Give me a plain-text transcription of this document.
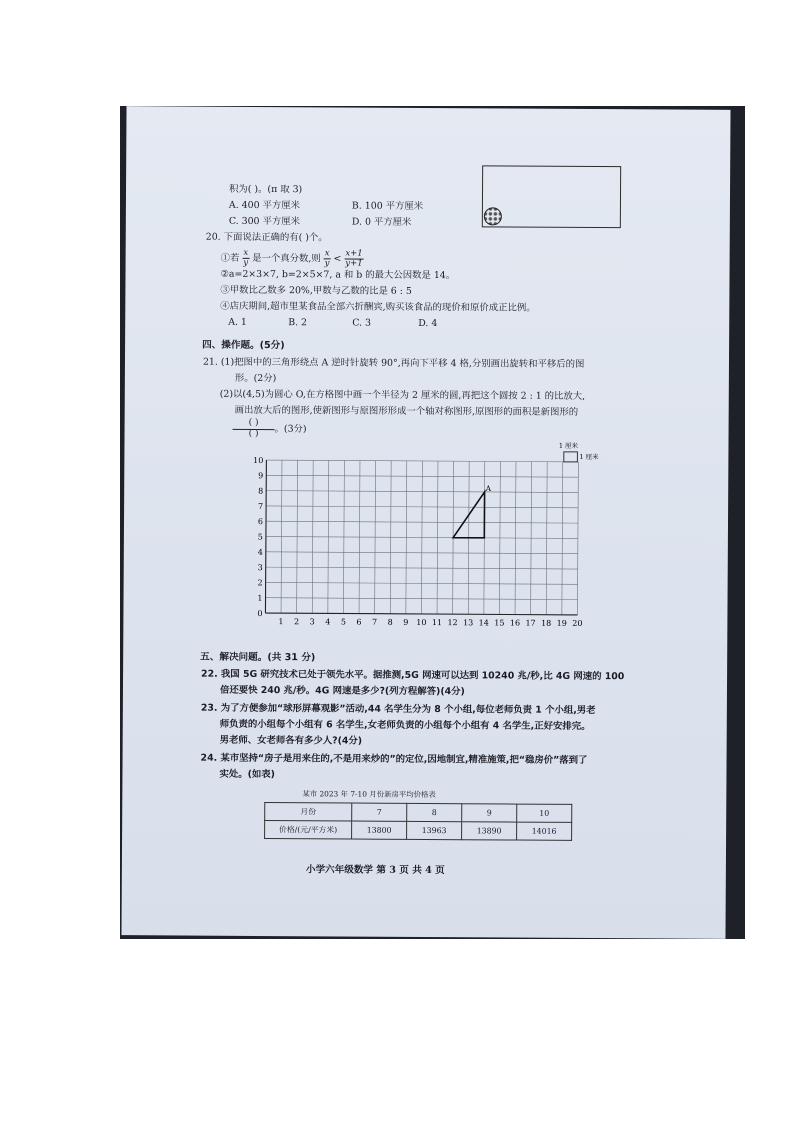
积为( )。(π 取 3)
A. 400 平方厘米	B. 100 平方厘米
C. 300 平方厘米	D. 0 平方厘米
20. 下面说法正确的有( )个。
①若 $\frac{x}{y}$ 是一个真分数,则 $\frac{x}{y} < \frac{x+1}{y+1}$
②a=2×3×7, b=2×5×7, a 和 b 的最大公因数是 14。
③甲数比乙数多 20%,甲数与乙数的比是 6 : 5
④店庆期间,超市里某食品全部六折酬宾,购买该食品的现价和原价成正比例。
A. 1	B. 2	C. 3	D. 4
四、操作题。(5分)
21. (1)把图中的三角形绕点 A 逆时针旋转 90°,再向下平移 4 格,分别画出旋转和平移后的图
形。(2分)
(2)以(4,5)为圆心 O,在方格图中画一个半径为 2 厘米的圆,再把这个圆按 2 : 1 的比放大,
画出放大后的图形,使新图形与原图形形成一个轴对称图形,原图形的面积是新图形的
$\frac{( )}{( )}$。(3分)
1 2 3 4 5 6 7 8 9 10 11 12 13 14 15 16 17 18 19 20
0
1
2
3
4
5
6
7
8
9
10
A
1 厘米
1 厘米
五、解决问题。(共 31 分)
22. 我国 5G 研究技术已处于领先水平。据推测,5G 网速可以达到 10240 兆/秒,比 4G 网速的 100
倍还要快 240 兆/秒。4G 网速是多少?(列方程解答)(4分)
23. 为了方便参加“球形屏幕观影”活动,44 名学生分为 8 个小组,每位老师负责 1 个小组,男老
师负责的小组每个小组有 6 名学生,女老师负责的小组每个小组有 4 名学生,正好安排完。
男老师、女老师各有多少人?(4分)
24. 某市坚持“房子是用来住的,不是用来炒的”的定位,因地制宜,精准施策,把“稳房价”落到了
实处。(如表)
某市 2023 年 7-10 月份新房平均价格表
月份	7	8	9	10
价格/(元/平方米)	13800	13963	13890	14016
小学六年级数学 第 3 页 共 4 页
